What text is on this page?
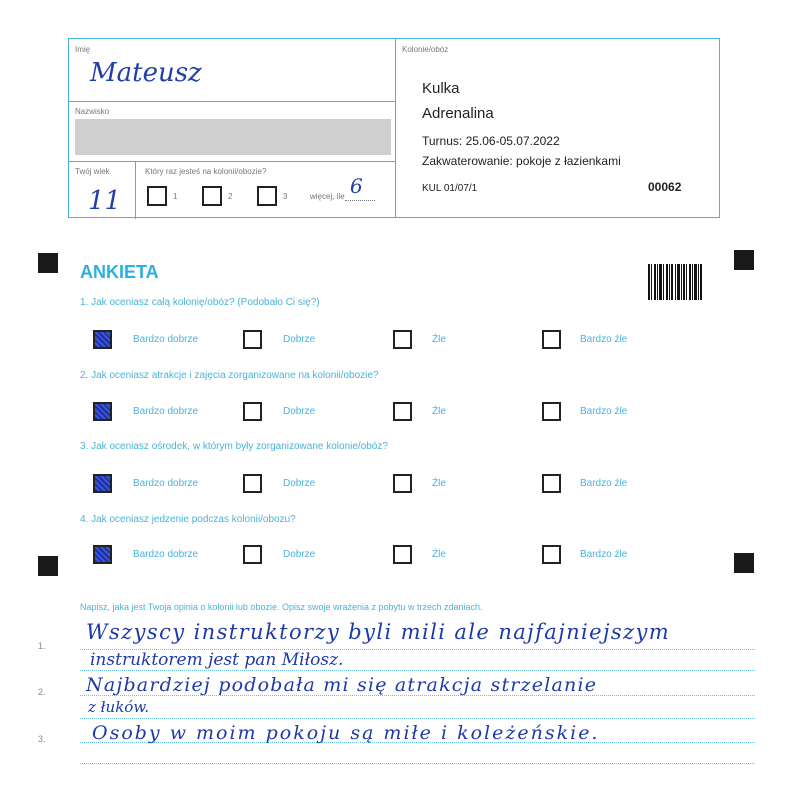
Imię
Mateusz
Nazwisko
Twój wiek
11
Który raz jesteś na kolonii/obozie?
1	2	3	więcej, ile 6
Kolonie/obóz
Kulka
Adrenalina
Turnus: 25.06-05.07.2022
Zakwaterowanie: pokoje z łazienkami
KUL 01/07/1	00062
ANKIETA
1. Jak oceniasz całą kolonię/obóz? (Podobało Ci się?)
2. Jak oceniasz atrakcje i zajęcia zorganizowane na kolonii/obozie?
3. Jak oceniasz ośrodek, w którym były zorganizowane kolonie/obóz?
4. Jak oceniasz jedzenie podczas kolonii/obozu?
Bardzo dobrze	Dobrze	Źle	Bardzo źle
Bardzo dobrze	Dobrze	Źle	Bardzo źle
Bardzo dobrze	Dobrze	Źle	Bardzo źle
Bardzo dobrze	Dobrze	Źle	Bardzo źle
Napisz, jaka jest Twoja opinia o kolonii lub obozie. Opisz swoje wrażenia z pobytu w trzech zdaniach.
1.
2.
3.
Wszyscy instruktorzy byli mili ale najfajniejszym
instruktorem jest pan Miłosz.
Najbardziej podobała mi się atrakcja strzelanie
z łuków.
Osoby w moim pokoju są miłe i koleżeńskie.
